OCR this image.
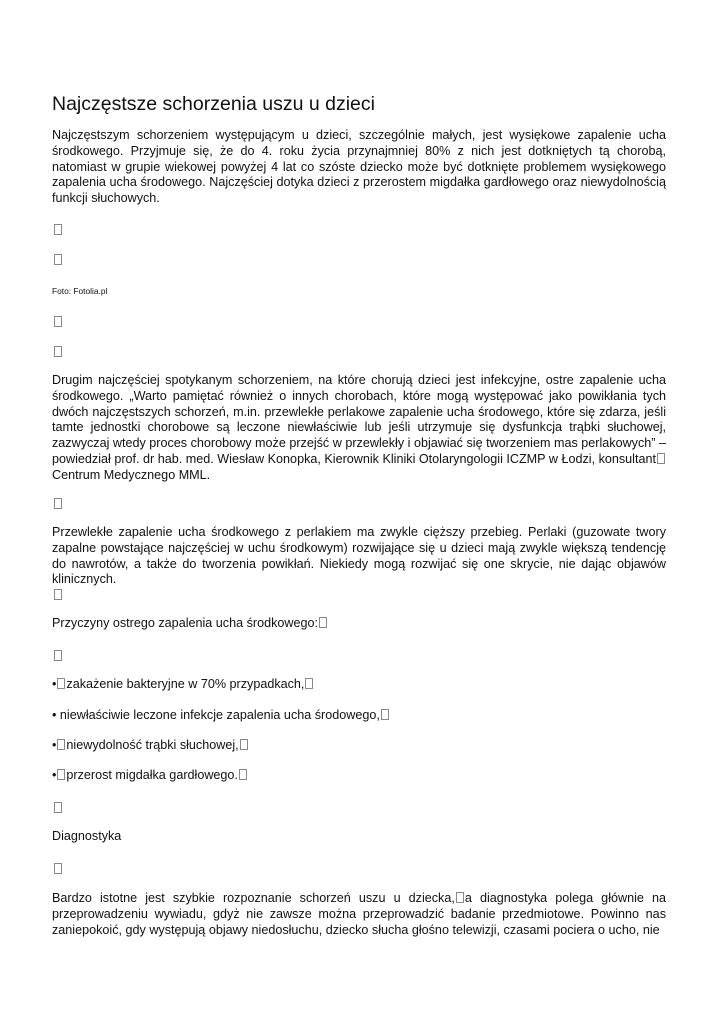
Najczęstsze schorzenia uszu u dzieci

Najczęstszym schorzeniem występującym u dzieci, szczególnie małych, jest wysiękowe zapalenie ucha środkowego. Przyjmuje się, że do 4. roku życia przynajmniej 80% z nich jest dotkniętych tą chorobą, natomiast w grupie wiekowej powyżej 4 lat co szóste dziecko może być dotknięte problemem wysiękowego zapalenia ucha środowego. Najczęściej dotyka dzieci z przerostem migdałka gardłowego oraz niewydolnością funkcji słuchowych.

Foto: Fotolia.pl

Drugim najczęściej spotykanym schorzeniem, na które chorują dzieci jest infekcyjne, ostre zapalenie ucha środkowego. „Warto pamiętać również o innych chorobach, które mogą występować jako powikłania tych dwóch najczęstszych schorzeń, m.in. przewlekłe perlakowe zapalenie ucha środowego, które się zdarza, jeśli tamte jednostki chorobowe są leczone niewłaściwie lub jeśli utrzymuje się dysfunkcja trąbki słuchowej, zazwyczaj wtedy proces chorobowy może przejść w przewlekły i objawiać się tworzeniem mas perlakowych” – powiedział prof. dr hab. med. Wiesław Konopka, Kierownik Kliniki Otolaryngologii ICZMP w Łodzi, konsultant Centrum Medycznego MML.

Przewlekłe zapalenie ucha środkowego z perlakiem ma zwykle cięższy przebieg. Perlaki (guzowate twory zapalne powstające najczęściej w uchu środkowym) rozwijające się u dzieci mają zwykle większą tendencję do nawrotów, a także do tworzenia powikłań. Niekiedy mogą rozwijać się one skrycie, nie dając objawów klinicznych.

Przyczyny ostrego zapalenia ucha środkowego:

• zakażenie bakteryjne w 70% przypadkach,

• niewłaściwie leczone infekcje zapalenia ucha środowego,

• niewydolność trąbki słuchowej,

• przerost migdałka gardłowego.

Diagnostyka

Bardzo istotne jest szybkie rozpoznanie schorzeń uszu u dziecka, a diagnostyka polega głównie na przeprowadzeniu wywiadu, gdyż nie zawsze można przeprowadzić badanie przedmiotowe. Powinno nas zaniepokoić, gdy występują objawy niedosłuchu, dziecko słucha głośno telewizji, czasami pociera o ucho, nie
